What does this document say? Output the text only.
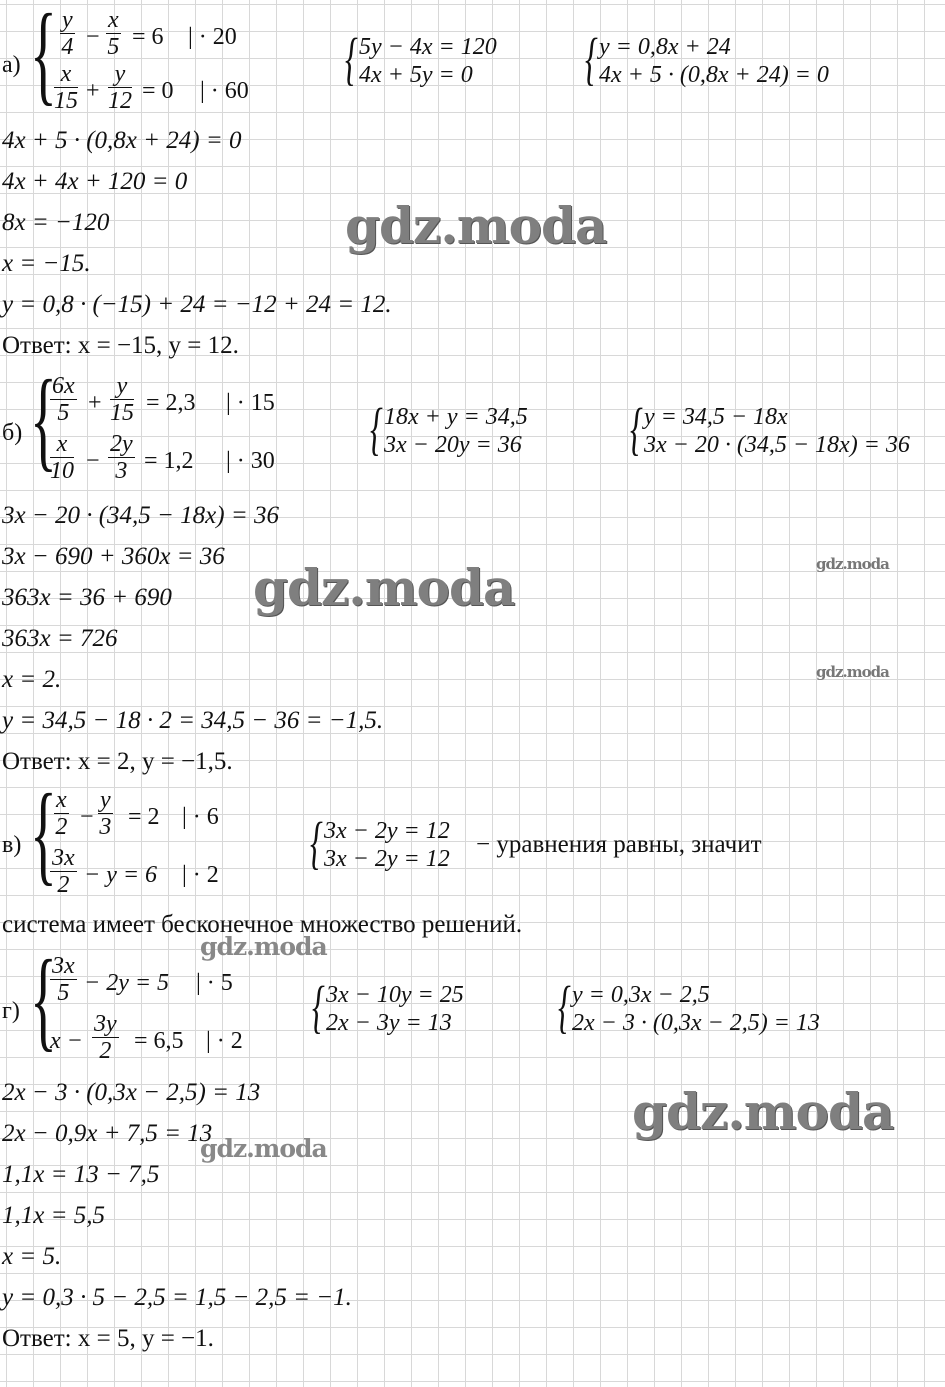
а) { $\frac{y}{4} - \frac{x}{5} = 6$ | · 20
$\frac{x}{15} + \frac{y}{12} = 0$ | · 60 { 5y − 4x = 120
4x + 5y = 0 { y = 0,8x + 24
4x + 5 · (0,8x + 24) = 0
4x + 5 · (0,8x + 24) = 0
4x + 4x + 120 = 0
8x = −120
x = −15.
y = 0,8 · (−15) + 24 = −12 + 24 = 12.
Ответ: x = −15, y = 12.
б) {
$\frac{6x}{5} + \frac{y}{15} = 2,3$ | · 15
$\frac{x}{10} - \frac{2y}{3} = 1,2$ | · 30 { 18x + y = 34,5
3x − 20y = 36 { y = 34,5 − 18x
3x − 20 · (34,5 − 18x) = 36
3x − 20 · (34,5 − 18x) = 36
3x − 690 + 360x = 36
363x = 36 + 690
363x = 726
x = 2.
y = 34,5 − 18 · 2 = 34,5 − 36 = −1,5.
Ответ: x = 2, y = −1,5.
в) {
$\frac{x}{2} - \frac{y}{3} = 2$ | · 6
$\frac{3x}{2} - y = 6$ | · 2 { 3x − 2y = 12
3x − 2y = 12
− уравнения равны, значит
система имеет бесконечное множество решений.
г) {
$\frac{3x}{5} - 2y = 5$ | · 5
$x - \frac{3y}{2} = 6,5$ | · 2
{ 3x − 10y = 25
2x − 3y = 13 { y = 0,3x − 2,5
2x − 3 · (0,3x − 2,5) = 13
2x − 3 · (0,3x − 2,5) = 13
2x − 0,9x + 7,5 = 13
1,1x = 13 − 7,5
1,1x = 5,5
x = 5.
y = 0,3 · 5 − 2,5 = 1,5 − 2,5 = −1.
Ответ: x = 5, y = −1.
gdz.moda
gdz.moda
gdz.moda
gdz.moda
gdz.moda
gdz.moda
gdz.moda
